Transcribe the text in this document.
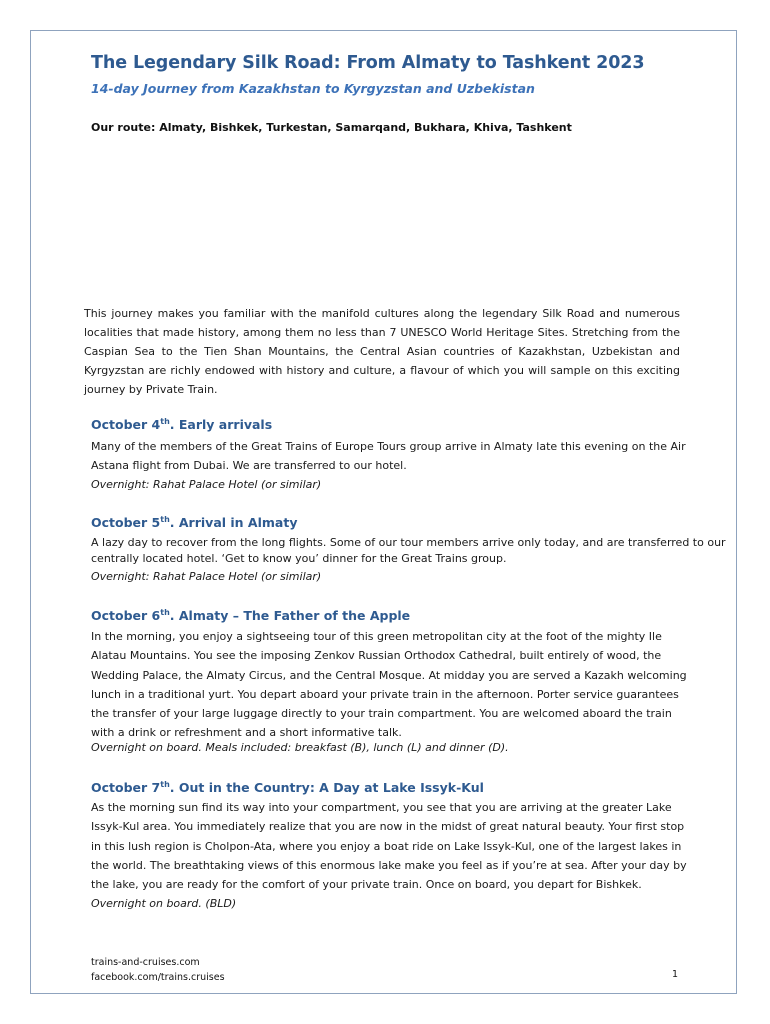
The Legendary Silk Road: From Almaty to Tashkent 2023
14-day Journey from Kazakhstan to Kyrgyzstan and Uzbekistan

Our route: Almaty, Bishkek, Turkestan, Samarqand, Bukhara, Khiva, Tashkent

This journey makes you familiar with the manifold cultures along the legendary Silk Road and numerous localities that made history, among them no less than 7 UNESCO World Heritage Sites. Stretching from the Caspian Sea to the Tien Shan Mountains, the Central Asian countries of Kazakhstan, Uzbekistan and Kyrgyzstan are richly endowed with history and culture, a flavour of which you will sample on this exciting journey by Private Train.

October 4th. Early arrivals

Many of the members of the Great Trains of Europe Tours group arrive in Almaty late this evening on the Air Astana flight from Dubai. We are transferred to our hotel.

Overnight: Rahat Palace Hotel (or similar)

October 5th. Arrival in Almaty

A lazy day to recover from the long flights. Some of our tour members arrive only today, and are transferred to our centrally located hotel. ‘Get to know you’ dinner for the Great Trains group.

Overnight: Rahat Palace Hotel (or similar)

October 6th. Almaty – The Father of the Apple

In the morning, you enjoy a sightseeing tour of this green metropolitan city at the foot of the mighty Ile Alatau Mountains. You see the imposing Zenkov Russian Orthodox Cathedral, built entirely of wood, the Wedding Palace, the Almaty Circus, and the Central Mosque. At midday you are served a Kazakh welcoming lunch in a traditional yurt. You depart aboard your private train in the afternoon. Porter service guarantees the transfer of your large luggage directly to your train compartment. You are welcomed aboard the train with a drink or refreshment and a short informative talk.

Overnight on board. Meals included: breakfast (B), lunch (L) and dinner (D).

October 7th. Out in the Country: A Day at Lake Issyk-Kul

As the morning sun find its way into your compartment, you see that you are arriving at the greater Lake Issyk-Kul area. You immediately realize that you are now in the midst of great natural beauty. Your first stop in this lush region is Cholpon-Ata, where you enjoy a boat ride on Lake Issyk-Kul, one of the largest lakes in the world. The breathtaking views of this enormous lake make you feel as if you’re at sea. After your day by the lake, you are ready for the comfort of your private train. Once on board, you depart for Bishkek. Overnight on board. (BLD)

trains-and-cruises.com
facebook.com/trains.cruises	1
